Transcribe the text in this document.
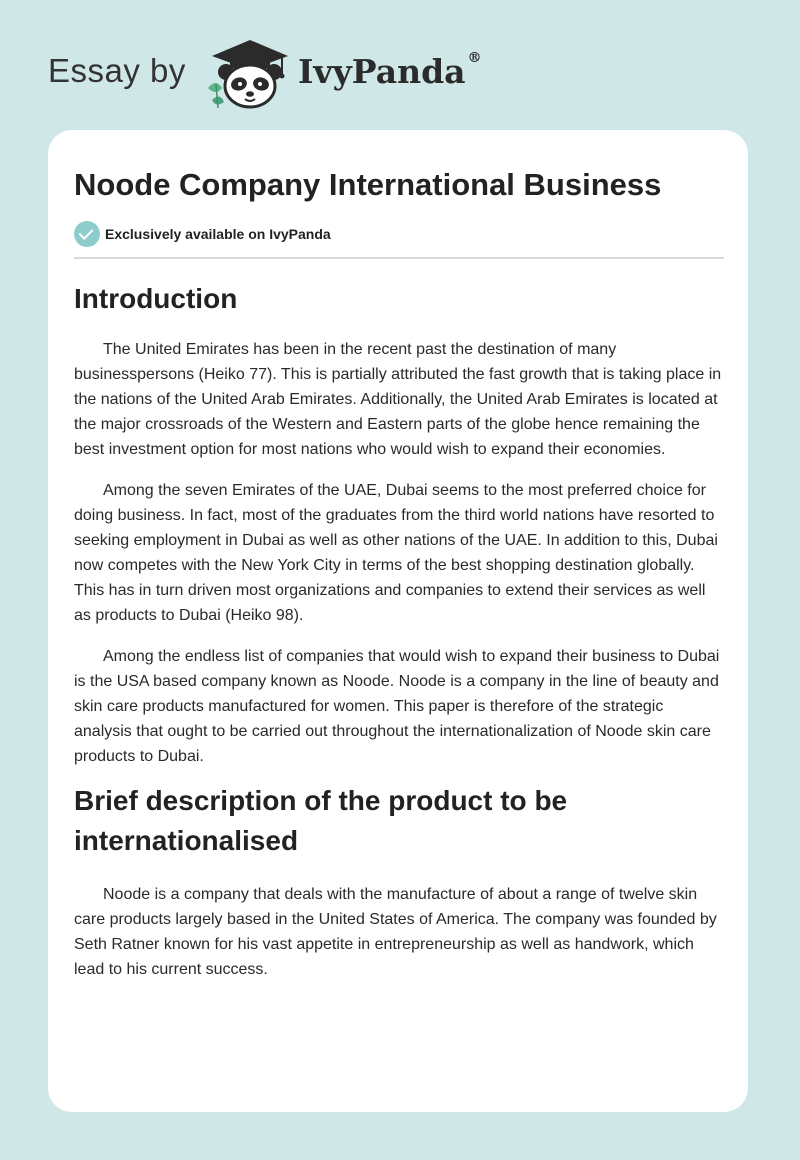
Essay by	IvyPanda ®
Noode Company International Business
Exclusively available on IvyPanda
Introduction

The United Emirates has been in the recent past the destination of many businesspersons (Heiko 77). This is partially attributed the fast growth that is taking place in the nations of the United Arab Emirates. Additionally, the United Arab Emirates is located at the major crossroads of the Western and Eastern parts of the globe hence remaining the best investment option for most nations who would wish to expand their economies.

Among the seven Emirates of the UAE, Dubai seems to the most preferred choice for doing business. In fact, most of the graduates from the third world nations have resorted to seeking employment in Dubai as well as other nations of the UAE. In addition to this, Dubai now competes with the New York City in terms of the best shopping destination globally. This has in turn driven most organizations and companies to extend their services as well as products to Dubai (Heiko 98).

Among the endless list of companies that would wish to expand their business to Dubai is the USA based company known as Noode. Noode is a company in the line of beauty and skin care products manufactured for women. This paper is therefore of the strategic analysis that ought to be carried out throughout the internationalization of Noode skin care products to Dubai.

Brief description of the product to be internationalised

Noode is a company that deals with the manufacture of about a range of twelve skin care products largely based in the United States of America. The company was founded by Seth Ratner known for his vast appetite in entrepreneurship as well as handwork, which lead to his current success.
